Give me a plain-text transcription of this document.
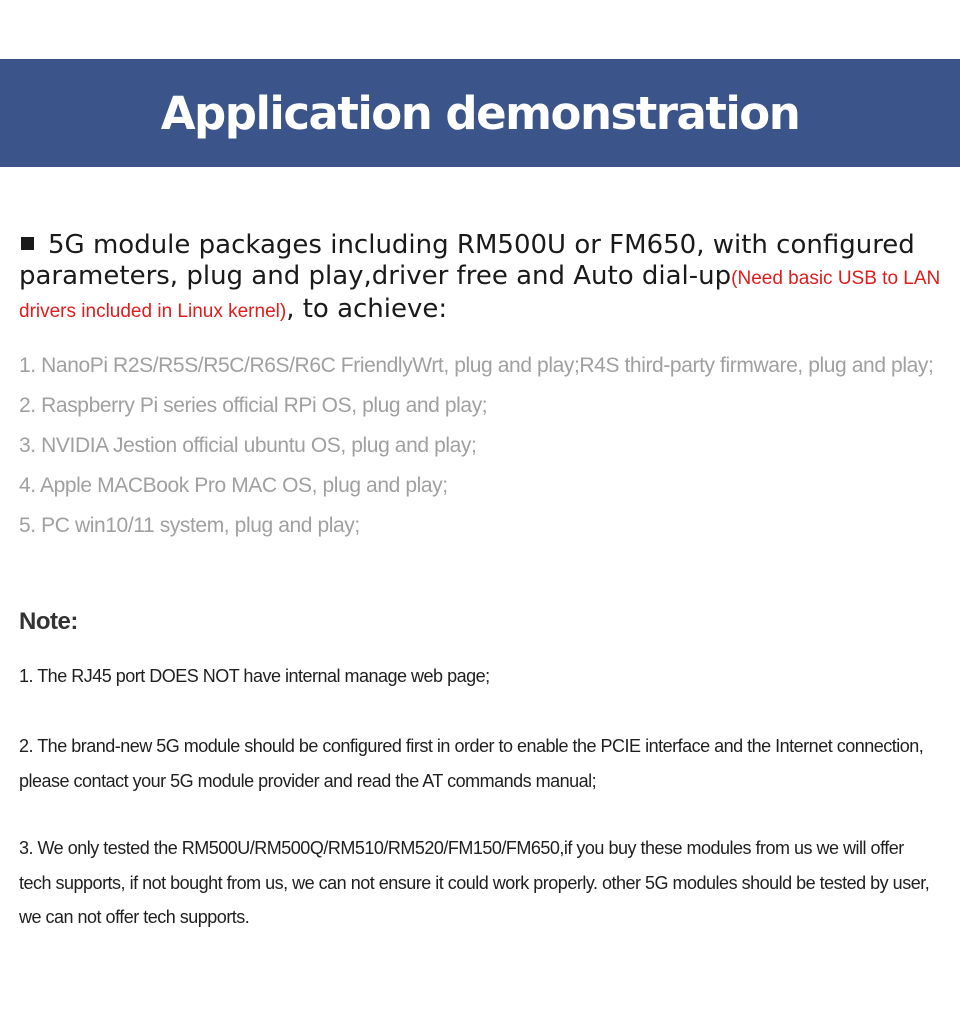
Application demonstration
5G module packages including RM500U or FM650, with configured parameters, plug and play,driver free and Auto dial-up(Need basic USB to LAN drivers included in Linux kernel), to achieve:
1. NanoPi R2S/R5S/R5C/R6S/R6C FriendlyWrt, plug and play;R4S third-party firmware, plug and play;
2. Raspberry Pi series official RPi OS, plug and play;
3. NVIDIA Jestion official ubuntu OS, plug and play;
4. Apple MACBook Pro MAC OS, plug and play;
5. PC win10/11 system, plug and play;
Note:

1. The RJ45 port DOES NOT have internal manage web page;

2. The brand-new 5G module should be configured first in order to enable the PCIE interface and the Internet connection, please contact your 5G module provider and read the AT commands manual;

3. We only tested the RM500U/RM500Q/RM510/RM520/FM150/FM650,if you buy these modules from us we will offer tech supports, if not bought from us, we can not ensure it could work properly. other 5G modules should be tested by user, we can not offer tech supports.
